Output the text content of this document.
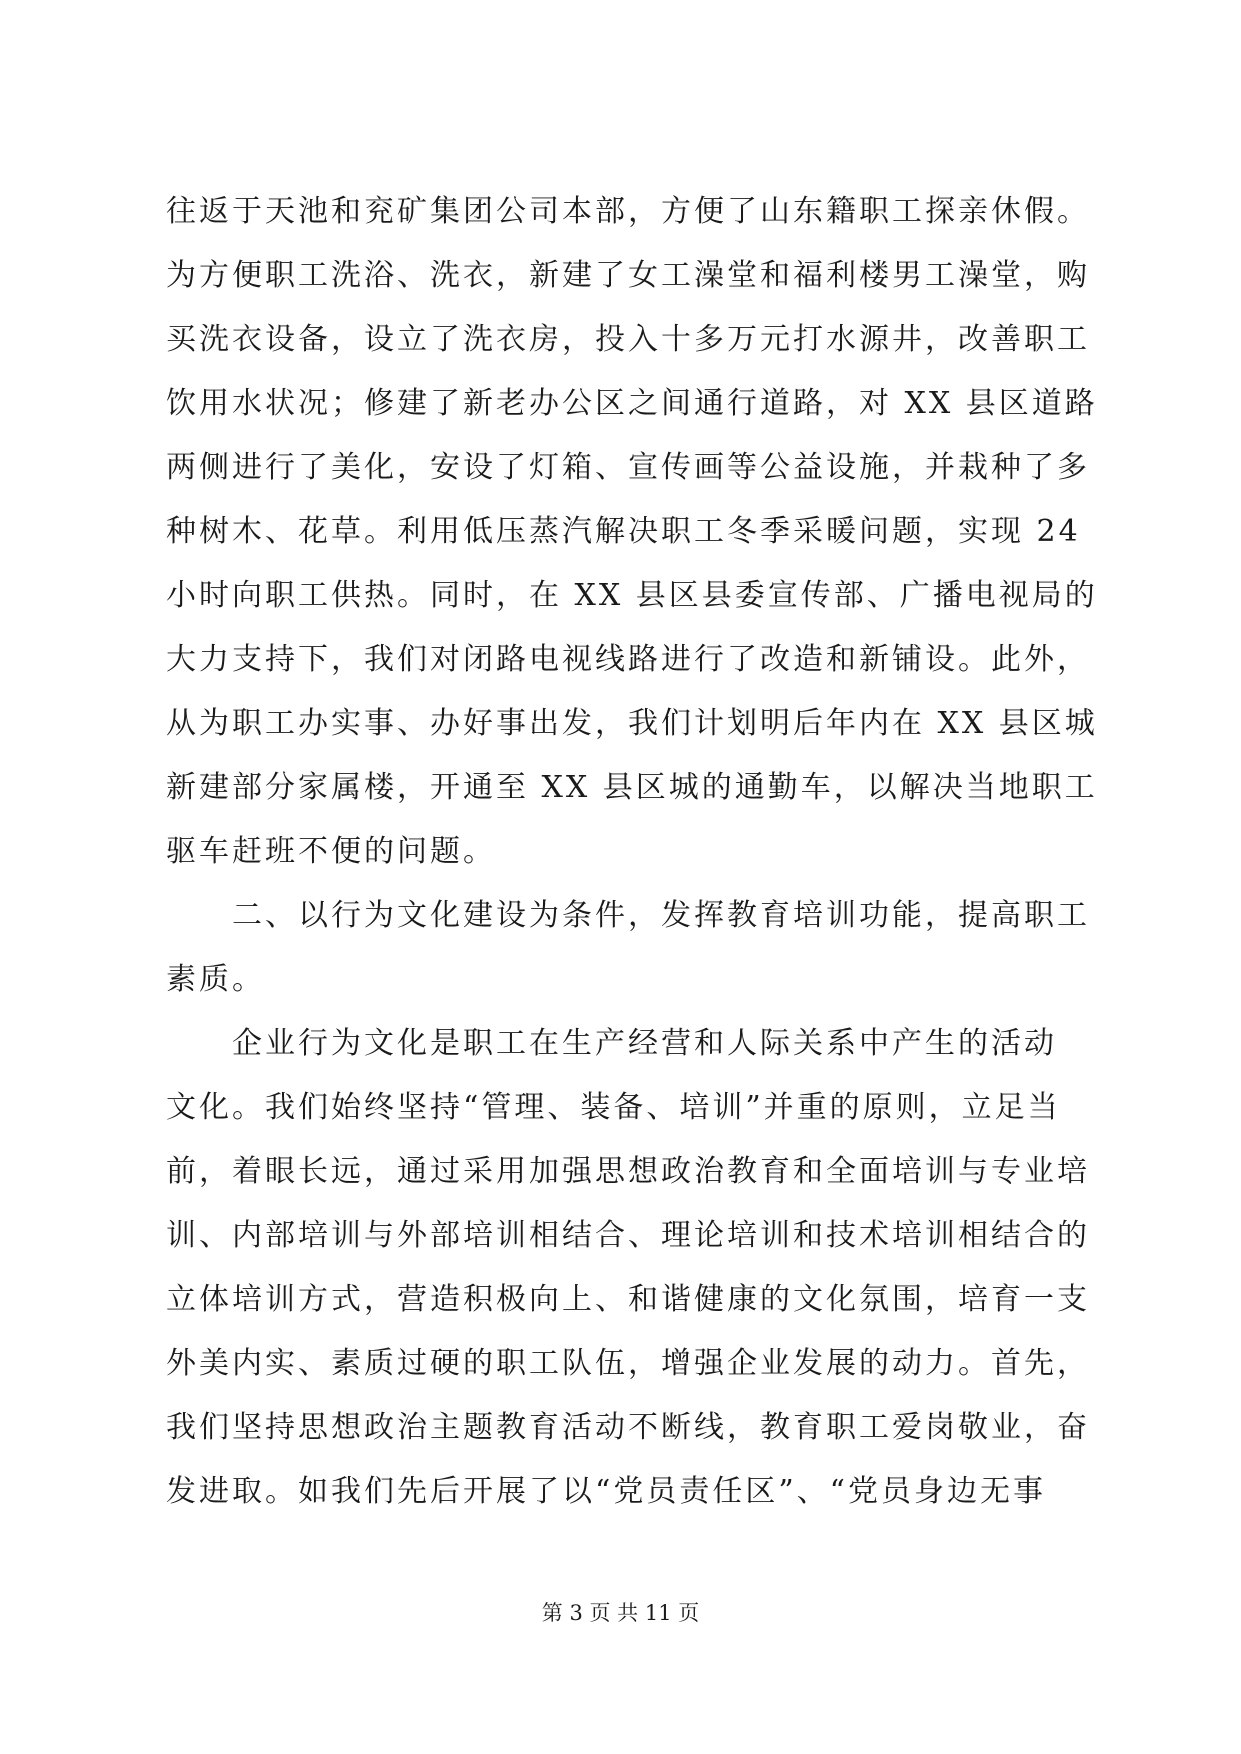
往返于天池和兖矿集团公司本部，方便了山东籍职工探亲休假。
为方便职工洗浴、洗衣，新建了女工澡堂和福利楼男工澡堂，购
买洗衣设备，设立了洗衣房，投入十多万元打水源井，改善职工
饮用水状况；修建了新老办公区之间通行道路，对 XX 县区道路
两侧进行了美化，安设了灯箱、宣传画等公益设施，并栽种了多
种树木、花草。利用低压蒸汽解决职工冬季采暖问题，实现 24
小时向职工供热。同时，在 XX 县区县委宣传部、广播电视局的
大力支持下，我们对闭路电视线路进行了改造和新铺设。此外，
从为职工办实事、办好事出发，我们计划明后年内在 XX 县区城
新建部分家属楼，开通至 XX 县区城的通勤车，以解决当地职工
驱车赶班不便的问题。
　　二、以行为文化建设为条件，发挥教育培训功能，提高职工
素质。
　　企业行为文化是职工在生产经营和人际关系中产生的活动
文化。我们始终坚持“管理、装备、培训”并重的原则，立足当
前，着眼长远，通过采用加强思想政治教育和全面培训与专业培
训、内部培训与外部培训相结合、理论培训和技术培训相结合的
立体培训方式，营造积极向上、和谐健康的文化氛围，培育一支
外美内实、素质过硬的职工队伍，增强企业发展的动力。首先，
我们坚持思想政治主题教育活动不断线，教育职工爱岗敬业，奋
发进取。如我们先后开展了以“党员责任区”、“党员身边无事
第 3 页 共 11 页
